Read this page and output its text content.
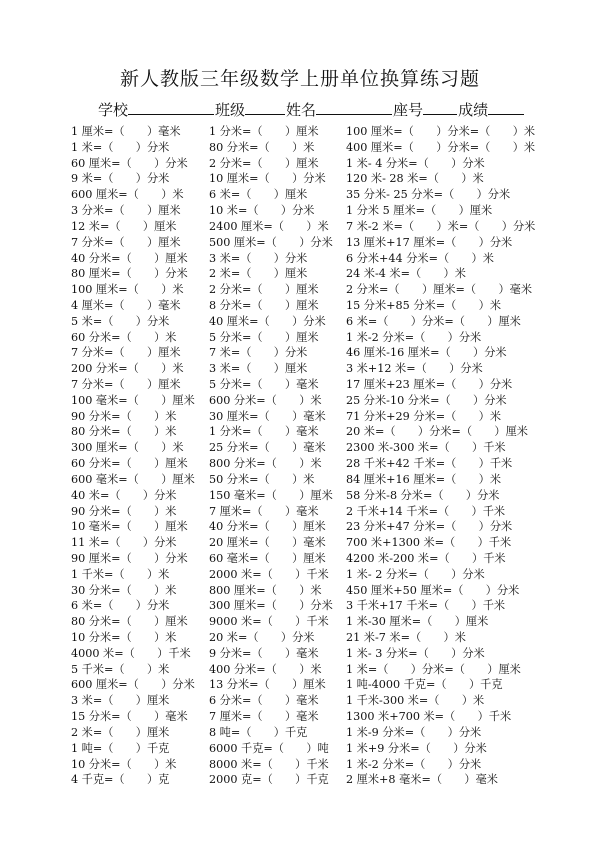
新人教版三年级数学上册单位换算练习题
学校	班级	姓名	座号 成绩
1 厘米=（　　）毫米
1 米=（　　）分米
60 厘米=（　　）分米
9 米=（　　）分米
600 厘米=（　　）米
3 分米=（　　）厘米
12 米=（　　）厘米
7 分米=（　　）厘米
40 分米=（　　）厘米
80 厘米=（　　）分米
100 厘米=（　　）米
4 厘米=（　　）毫米
5 米=（　　）分米
60 分米=（　　）米
7 分米=（　　）厘米
200 分米=（　　）米
7 分米=（　　）厘米
100 毫米=（　　）厘米
90 分米=（　　）米
80 分米=（　　）米
300 厘米=（　　）米
60 分米=（　　）厘米
600 毫米=（　　）厘米
40 米=（　　）分米
90 分米=（　　）米
10 毫米=（　　）厘米
11 米=（　　）分米
90 厘米=（　　）分米
1 千米=（　　）米
30 分米=（　　）米
6 米=（　　）分米
80 分米=（　　）厘米
10 分米=（　　）米
4000 米=（　　）千米
5 千米=（　　）米
600 厘米=（　　）分米
3 米=（　　）厘米
15 分米=（　　）毫米
2 米=（　　）厘米
1 吨=（　　）千克
10 分米=（　　）米
4 千克=（　　）克
1 分米=（　　）厘米
80 分米=（　　）米
2 分米=（　　）厘米
10 厘米=（　　）分米
6 米=（　　）厘米
10 米=（　　）分米
2400 厘米=（　　）米
500 厘米=（　　）分米
3 米=（　　）分米
2 米=（　　）厘米
2 分米=（　　）厘米
8 分米=（　　）厘米
40 厘米=（　　）分米
5 分米=（　　）厘米
7 米=（　　）分米
3 米=（　　）厘米
5 分米=（　　）毫米
600 分米=（　　）米
30 厘米=（　　）毫米
1 分米=（　　）毫米
25 分米=（　　）毫米
800 分米=（　　）米
50 分米=（　　）米
150 毫米=（　　）厘米
7 厘米=（　　）毫米
40 分米=（　　）厘米
20 厘米=（　　）毫米
60 毫米=（　　）厘米
2000 米=（　　）千米
800 厘米=（　　）米
300 厘米=（　　）分米
9000 米=（　　）千米
20 米=（　　）分米
9 分米=（　　）毫米
400 分米=（　　）米
13 分米=（　　）厘米
6 分米=（　　）毫米
7 厘米=（　　）毫米
8 吨=（　　）千克
6000 千克=（　　）吨
8000 米=（　　）千米
2000 克=（　　）千克
100 厘米=（　　）分米=（　　）米
400 厘米=（　　）分米=（　　）米
1 米- 4 分米=（　　）分米
120 米- 28 米=（　　）米
35 分米- 25 分米=（　　）分米
1 分米 5 厘米=（　　）厘米
7 米-2 米=（　　）米=（　　）分米
13 厘米+17 厘米=（　　）分米
6 分米+44 分米=（　　）米
24 米-4 米=（　　）米
2 分米=（　　）厘米=（　　）毫米
15 分米+85 分米=（　　）米
6 米=（　　）分米=（　　）厘米
1 米-2 分米=（　　）分米
46 厘米-16 厘米=（　　）分米
3 米+12 米=（　　）分米
17 厘米+23 厘米=（　　）分米
25 分米-10 分米=（　　）分米
71 分米+29 分米=（　　）米
20 米=（　　）分米=（　　）厘米
2300 米-300 米=（　　）千米
28 千米+42 千米=（　　）千米
84 厘米+16 厘米=（　　）米
58 分米-8 分米=（　　）分米
2 千米+14 千米=（　　）千米
23 分米+47 分米=（　　）分米
700 米+1300 米=（　　）千米
4200 米-200 米=（　　）千米
1 米- 2 分米=（　　）分米
450 厘米+50 厘米=（　　）分米
3 千米+17 千米=（　　）千米
1 米-30 厘米=（　　）厘米
21 米-7 米=（　　）米
1 米- 3 分米=（　　）分米
1 米=（　　）分米=（　　）厘米
1 吨-4000 千克=（　　）千克
1 千米-300 米=（　　）米
1300 米+700 米=（　　）千米
1 米-9 分米=（　　）分米
1 米+9 分米=（　　）分米
1 米-2 分米=（　　）分米
2 厘米+8 毫米=（　　）毫米
